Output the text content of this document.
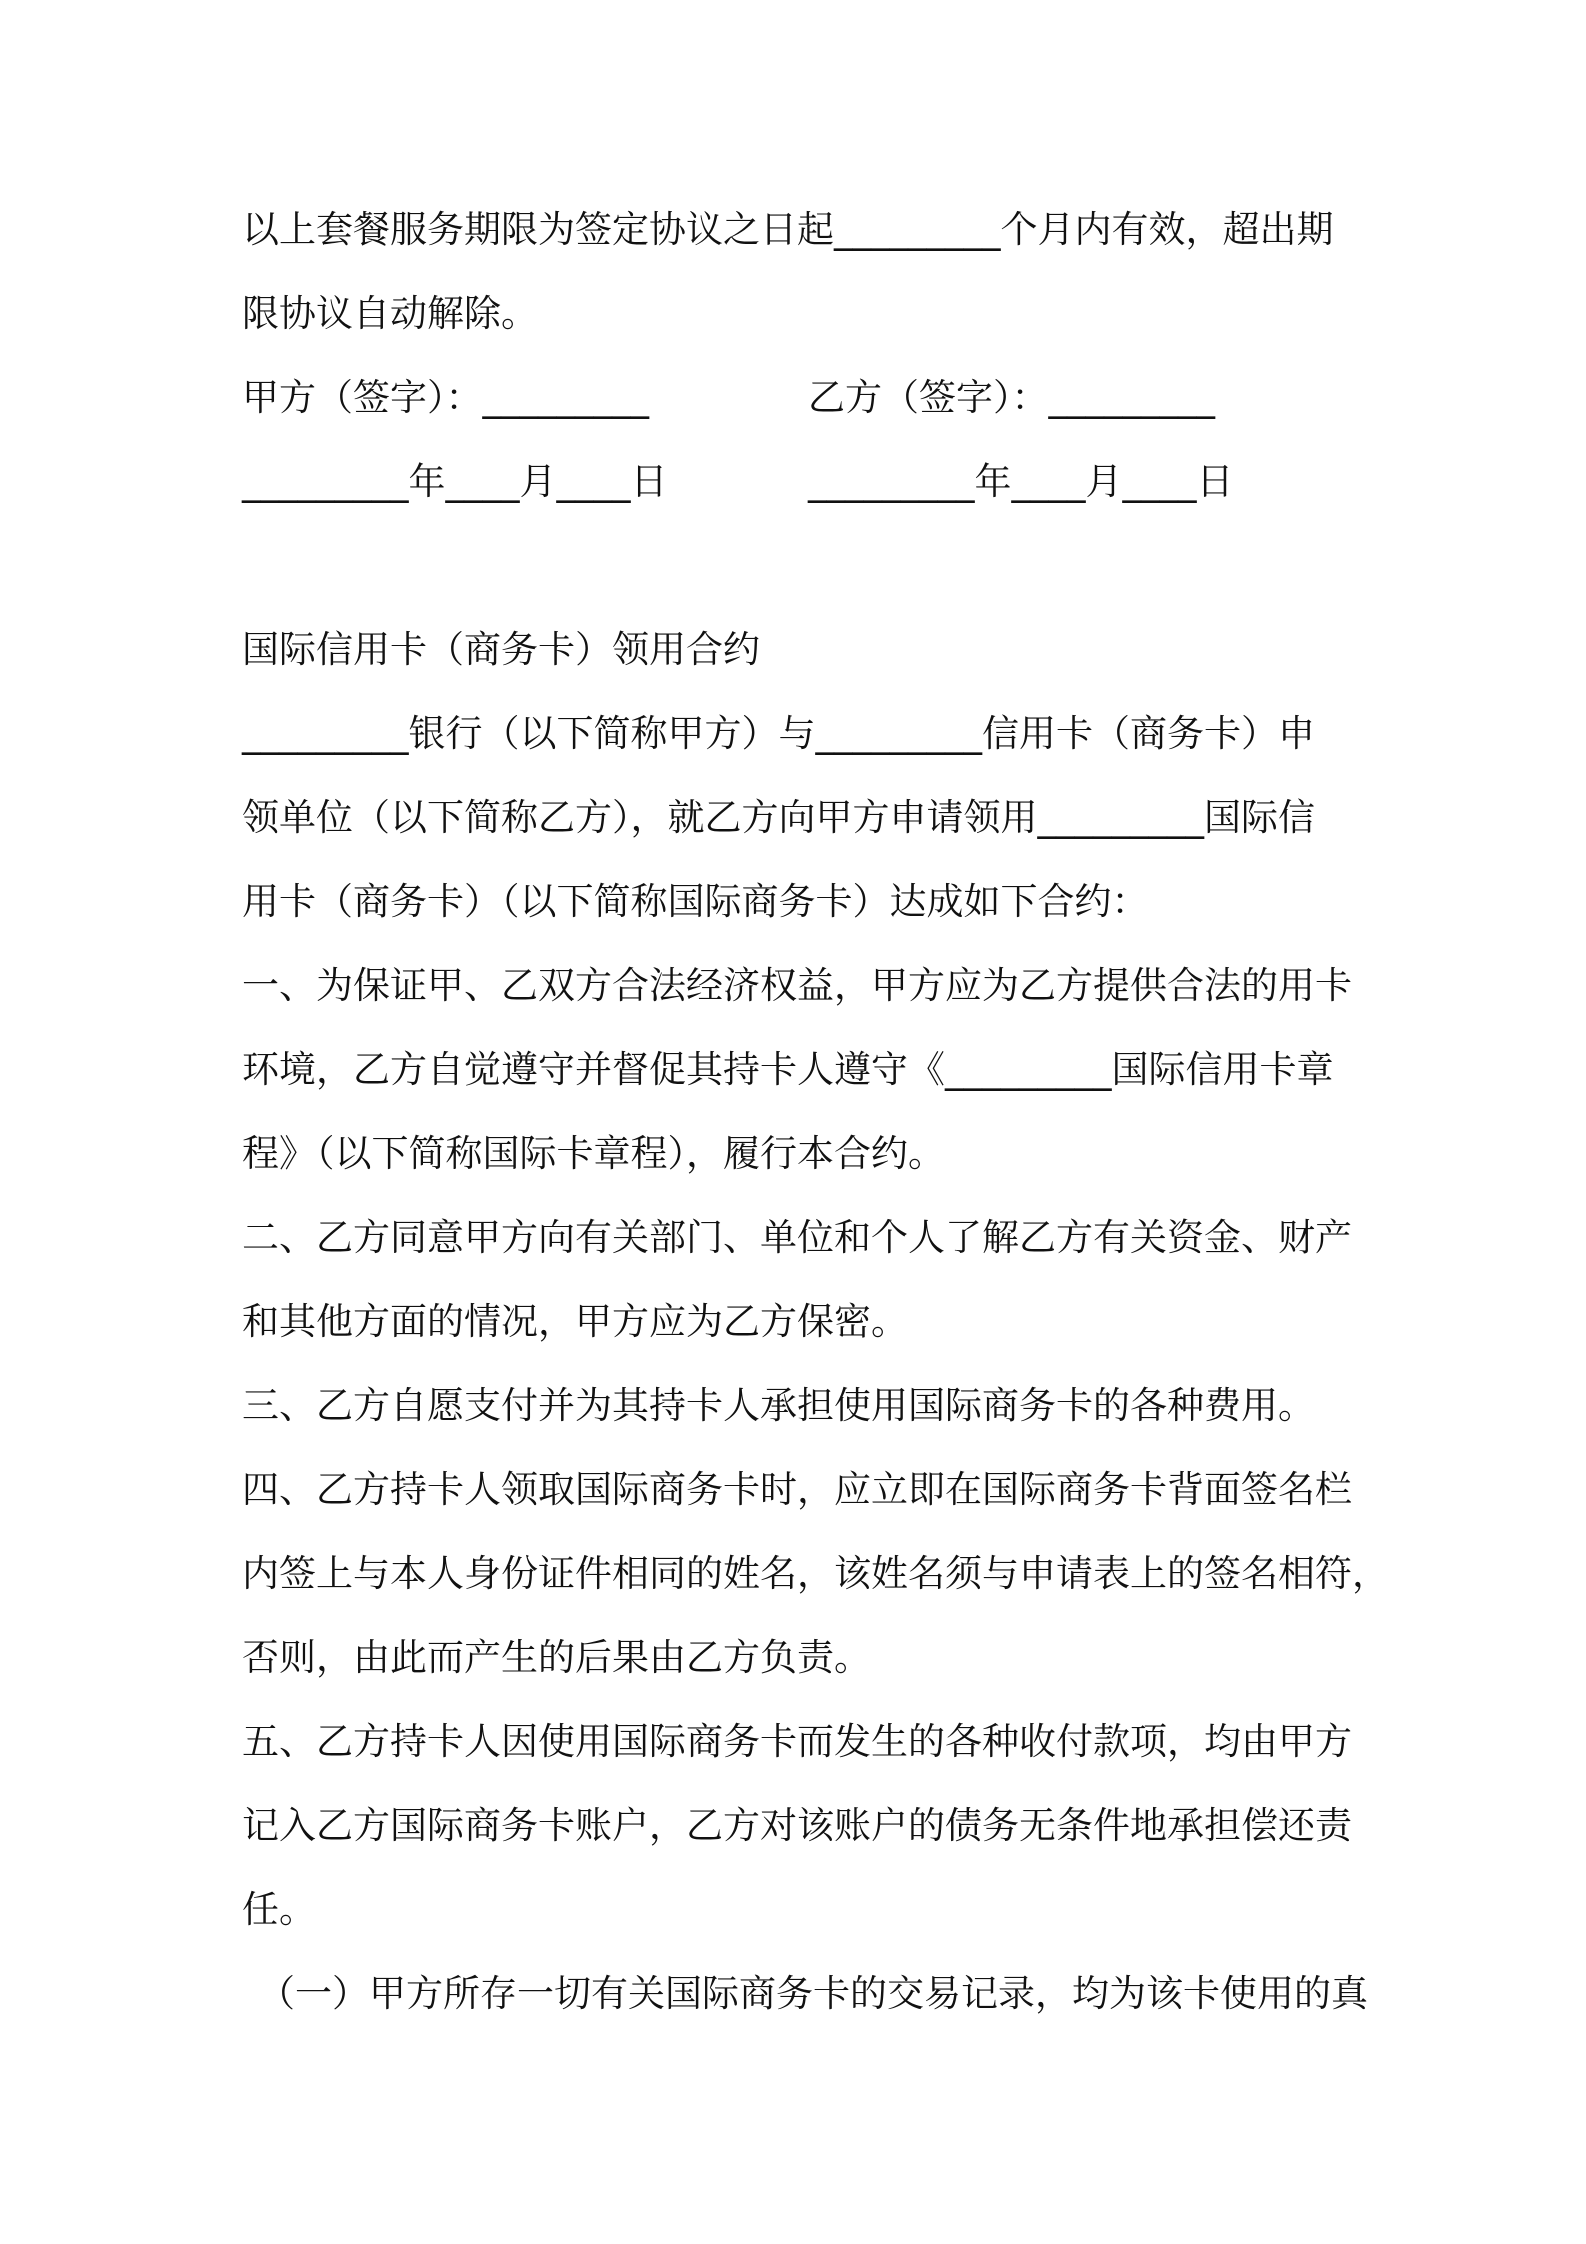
以上套餐服务期限为签定协议之日起_________个月内有效，超出期
限协议自动解除。
甲方（签字）：_________	乙方（签字）：_________
_________年____月____日	_________年____月____日
国际信用卡（商务卡）领用合约
_________银行（以下简称甲方）与_________信用卡（商务卡）申
领单位（以下简称乙方），就乙方向甲方申请领用_________国际信
用卡（商务卡）（以下简称国际商务卡）达成如下合约：
一、为保证甲、乙双方合法经济权益，甲方应为乙方提供合法的用卡
环境，乙方自觉遵守并督促其持卡人遵守《_________国际信用卡章
程》（以下简称国际卡章程），履行本合约。
二、乙方同意甲方向有关部门、单位和个人了解乙方有关资金、财产
和其他方面的情况，甲方应为乙方保密。
三、乙方自愿支付并为其持卡人承担使用国际商务卡的各种费用。
四、乙方持卡人领取国际商务卡时，应立即在国际商务卡背面签名栏
内签上与本人身份证件相同的姓名，该姓名须与申请表上的签名相符，
否则，由此而产生的后果由乙方负责。
五、乙方持卡人因使用国际商务卡而发生的各种收付款项，均由甲方
记入乙方国际商务卡账户，乙方对该账户的债务无条件地承担偿还责
任。
（一）甲方所存一切有关国际商务卡的交易记录，均为该卡使用的真
